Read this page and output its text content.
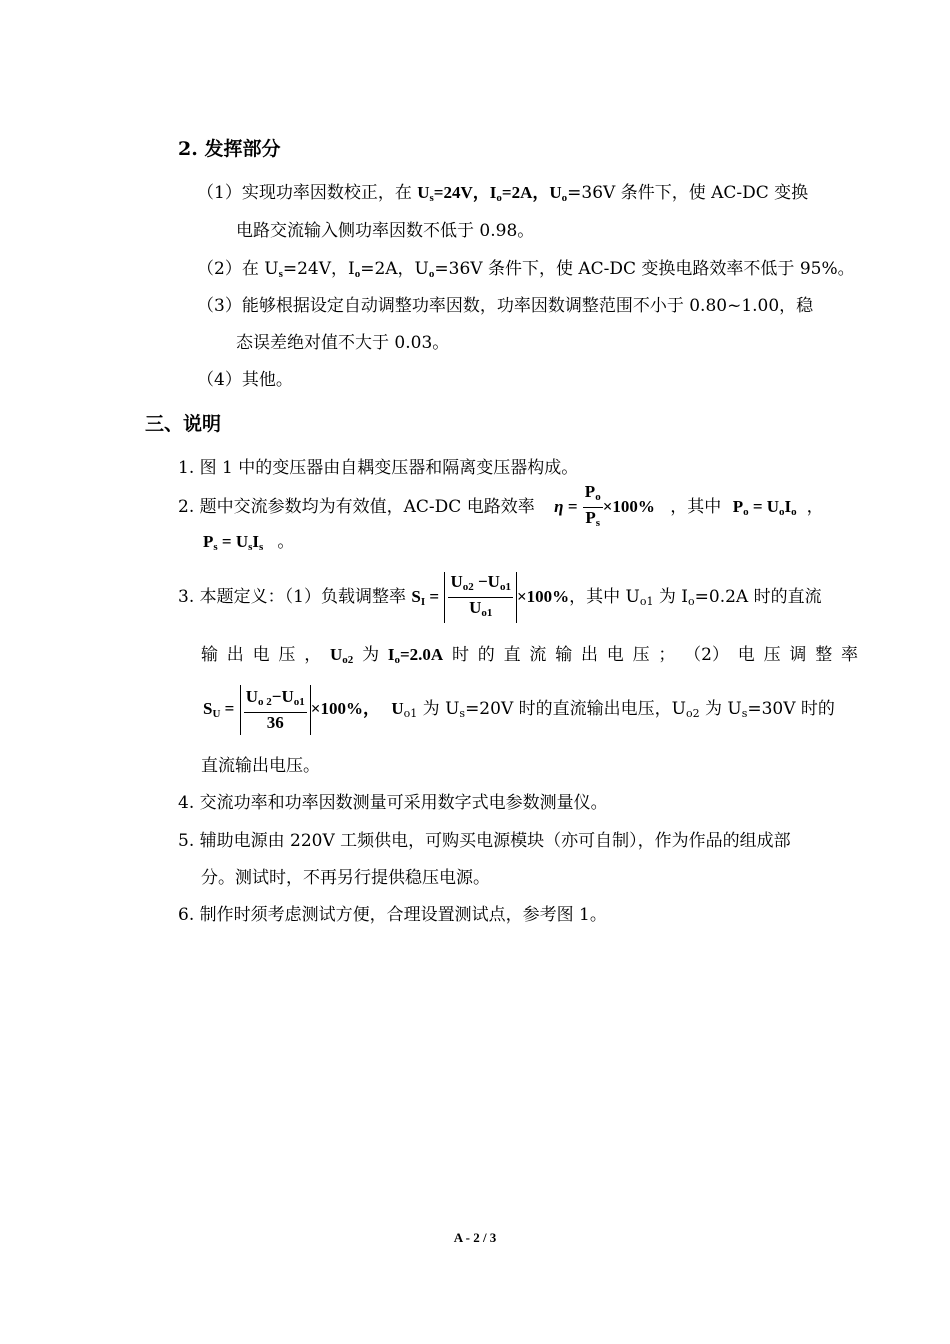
2. 发挥部分
（1）实现功率因数校正，在 $U_s=24V$，$I_o=2A$，$U_o=36V$ 条件下，使 AC-DC 变换
电路交流输入侧功率因数不低于 0.98。
（2）在 $U_s=24V$，$I_o=2A$，$U_o=36V$ 条件下，使 AC-DC 变换电路效率不低于 95%。
（3）能够根据设定自动调整功率因数，功率因数调整范围不小于 0.80~1.00，稳
态误差绝对值不大于 0.03。
（4）其他。
三、说明
1. 图 1 中的变压器由自耦变压器和隔离变压器构成。
2. 题中交流参数均为有效值，AC-DC 电路效率 $\eta = \frac{P_o}{P_s} \times 100\%$ ，其中 $P_o = U_oI_o$ ，
$P_s = U_sI_s$ 。
3. 本题定义：（1）负载调整率 $S_I = \frac{U_{o2} -U_{o1}}{U_{o1}} \times 100\%$，其中 $U_{o1}$ 为 $I_o=0.2A$ 时的直流
输 出 电 压 ， $U_{o2}$ 为 $I_o=2.0A$ 时 的 直 流 输 出 电 压 ； （2） 电 压 调 整 率
$S_U = \frac{U_{o 2}-U_{o1}}{36} \times 100\%$， $U_{o1}$ 为 $U_s=20V$ 时的直流输出电压，$U_{o2}$ 为 $U_s=30V$ 时的
直流输出电压。
4. 交流功率和功率因数测量可采用数字式电参数测量仪。
5. 辅助电源由 220V 工频供电，可购买电源模块（亦可自制），作为作品的组成部
分。测试时，不再另行提供稳压电源。
6. 制作时须考虑测试方便，合理设置测试点，参考图 1。
A - 2 / 3
